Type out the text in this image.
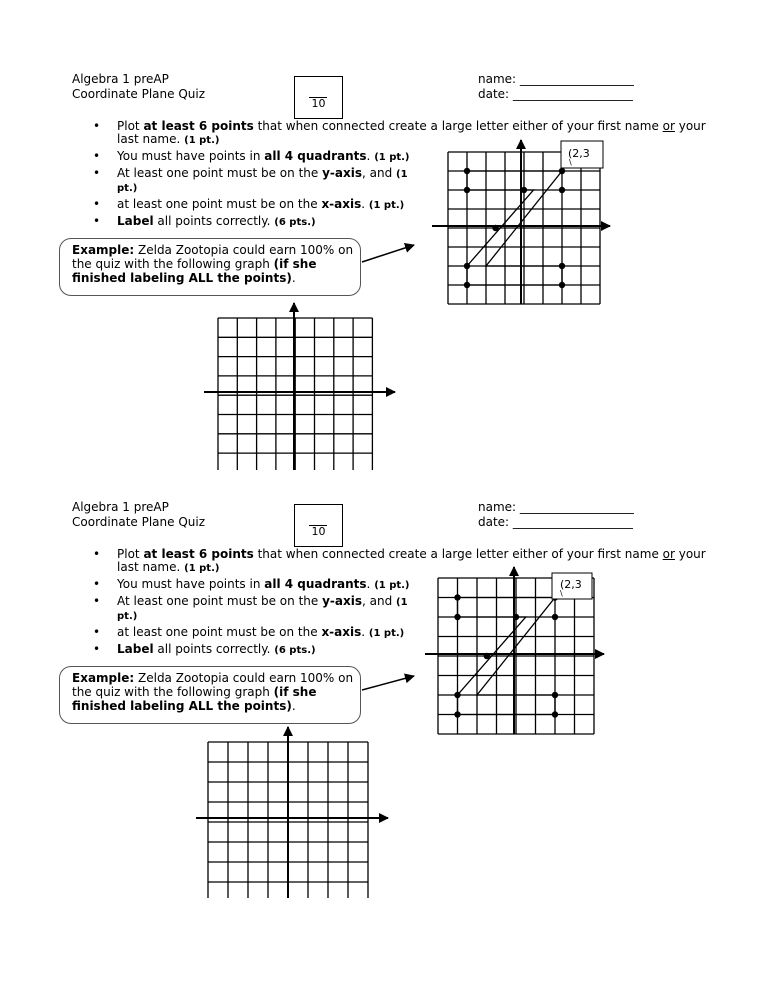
Algebra 1 preAP
Coordinate Plane Quiz
10
name: ___________________
date: ____________________
• Plot at least 6 points that when connected create a large letter either of your first name or your last name. (1 pt.)
• You must have points in all 4 quadrants. (1 pt.)
• At least one point must be on the y-axis, and (1 pt.)
• at least one point must be on the x-axis. (1 pt.)
• Label all points correctly. (6 pts.)
Example: Zelda Zootopia could earn 100% on the quiz with the following graph (if she finished labeling ALL the points).
(2,3
\
Algebra 1 preAP
Coordinate Plane Quiz
10
name: ___________________
date: ____________________
• Plot at least 6 points that when connected create a large letter either of your first name or your last name. (1 pt.)
• You must have points in all 4 quadrants. (1 pt.)
• At least one point must be on the y-axis, and (1 pt.)
• at least one point must be on the x-axis. (1 pt.)
• Label all points correctly. (6 pts.)
Example: Zelda Zootopia could earn 100% on the quiz with the following graph (if she finished labeling ALL the points).
(2,3
\
